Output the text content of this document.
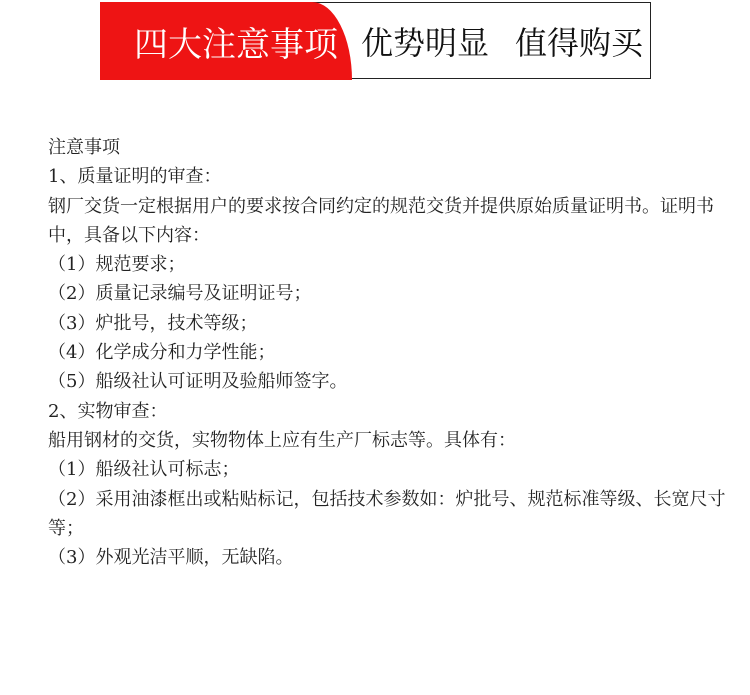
四大注意事项 优势明显 值得购买

注意事项

1、质量证明的审查：

钢厂交货一定根据用户的要求按合同约定的规范交货并提供原始质量证明书。证明书中，具备以下内容：

（1）规范要求；

（2）质量记录编号及证明证号；

（3）炉批号，技术等级；

（4）化学成分和力学性能；

（5）船级社认可证明及验船师签字。

2、实物审查：

船用钢材的交货，实物物体上应有生产厂标志等。具体有：

（1）船级社认可标志；

（2）采用油漆框出或粘贴标记，包括技术参数如：炉批号、规范标准等级、长宽尺寸等；

（3）外观光洁平顺，无缺陷。
